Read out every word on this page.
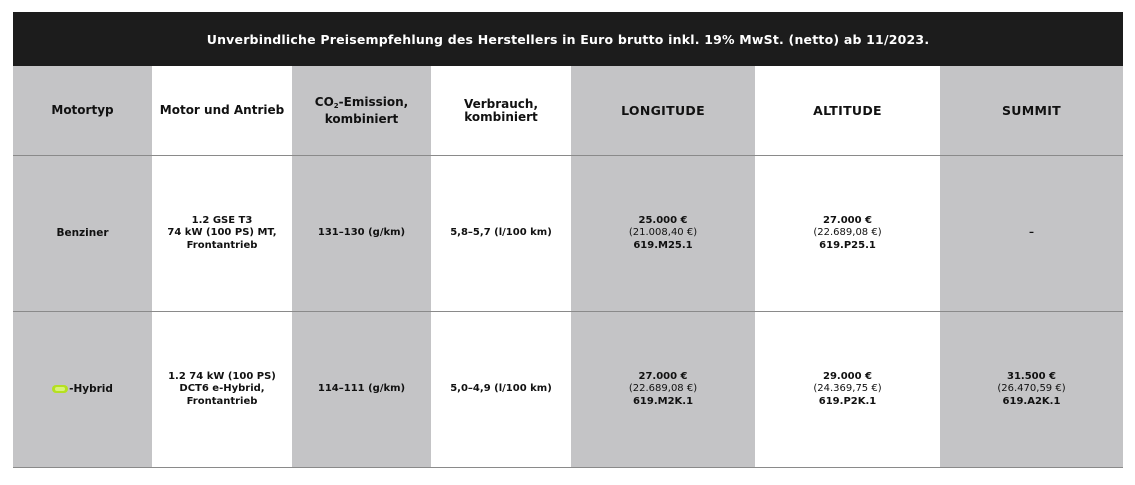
Unverbindliche Preisempfehlung des Herstellers in Euro brutto inkl. 19% MwSt. (netto) ab 11/2023.
Motortyp	Motor und Antrieb	$CO_2$-Emission,
kombiniert	Verbrauch,
kombiniert	LONGITUDE	ALTITUDE	SUMMIT
Benziner	1.2 GSE T3
74 kW (100 PS) MT,
Frontantrieb	131–130 (g/km)	5,8–5,7 (l/100 km)	25.000 €
(21.008,40 €)
619.M25.1	27.000 €
(22.689,08 €)
619.P25.1	–

-Hybrid	1.2 74 kW (100 PS)
DCT6 e-Hybrid,
Frontantrieb	114–111 (g/km)	5,0–4,9 (l/100 km)	27.000 €
(22.689,08 €)
619.M2K.1	29.000 €
(24.369,75 €)
619.P2K.1	31.500 €
(26.470,59 €)
619.A2K.1
